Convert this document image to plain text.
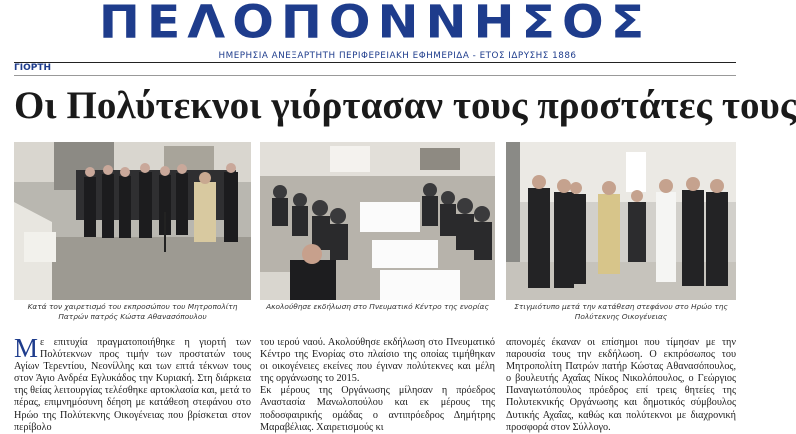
ΠΕΛΟΠΟΝΝΗΣΟΣ
ΗΜΕΡΗΣΙΑ ΑΝΕΞΑΡΤΗΤΗ ΠΕΡΙΦΕΡΕΙΑΚΗ ΕΦΗΜΕΡΙΔΑ - ΕΤΟΣ ΙΔΡΥΣΗΣ 1886
ΓΙΟΡΤΗ
Οι Πολύτεκνοι γιόρτασαν τους προστάτες τους
Κατά τον χαιρετισμό του εκπροσώπου του Μητροπολίτη Πατρών πατρός Κώστα Αθανασόπουλου
Ακολούθησε εκδήλωση στο Πνευματικό Κέντρο της ενορίας	Στιγμιότυπο μετά την κατάθεση στεφάνου στο Ηρώο της Πολύτεκνης Οικογένειας
Μ ε επιτυχία πραγματοποιήθηκε η γιορτή των Πολύτεκνων προς τιμήν των προστατών τους Αγίων Τερεντίου, Νεονίλλης και των επτά τέκνων τους στον Άγιο Ανδρέα Εγλυκάδος την Κυριακή. Στη διάρκεια της θείας λειτουργίας τελέσθηκε αρτοκλασία και, μετά το πέρας, επιμνημόσυνη δέηση με κατάθεση στεφάνου στο Ηρώο της Πολύτεκνης Οικογένειας που βρίσκεται στον περίβολο

του ιερού ναού. Ακολούθησε εκδήλωση στο Πνευματικό Κέντρο της Ενορίας στο πλαίσιο της οποίας τιμήθηκαν οι οικογένειες εκείνες που έγιναν πολύτεκνες και μέλη της οργάνωσης το 2015.

Εκ μέρους της Οργάνωσης μίλησαν η πρόεδρος Αναστασία Μανωλοπούλου και εκ μέρους της ποδοσφαιρικής ομάδας ο αντιπρόεδρος Δημήτρης Μαραβέλιας. Χαιρετισμούς κι

απονομές έκαναν οι επίσημοι που τίμησαν με την παρουσία τους την εκδήλωση. Ο εκπρόσωπος του Μητροπολίτη Πατρών πατήρ Κώστας Αθανασόπουλος, ο βουλευτής Αχαΐας Νίκος Νικολόπουλος, ο Γεώργιος Παναγιωτόπουλος πρόεδρος επί τρεις θητείες της Πολυτεκνικής Οργάνωσης και δημοτικός σύμβουλος Δυτικής Αχαΐας, καθώς και πολύτεκνοι με διαχρονική προσφορά στον Σύλλογο.
